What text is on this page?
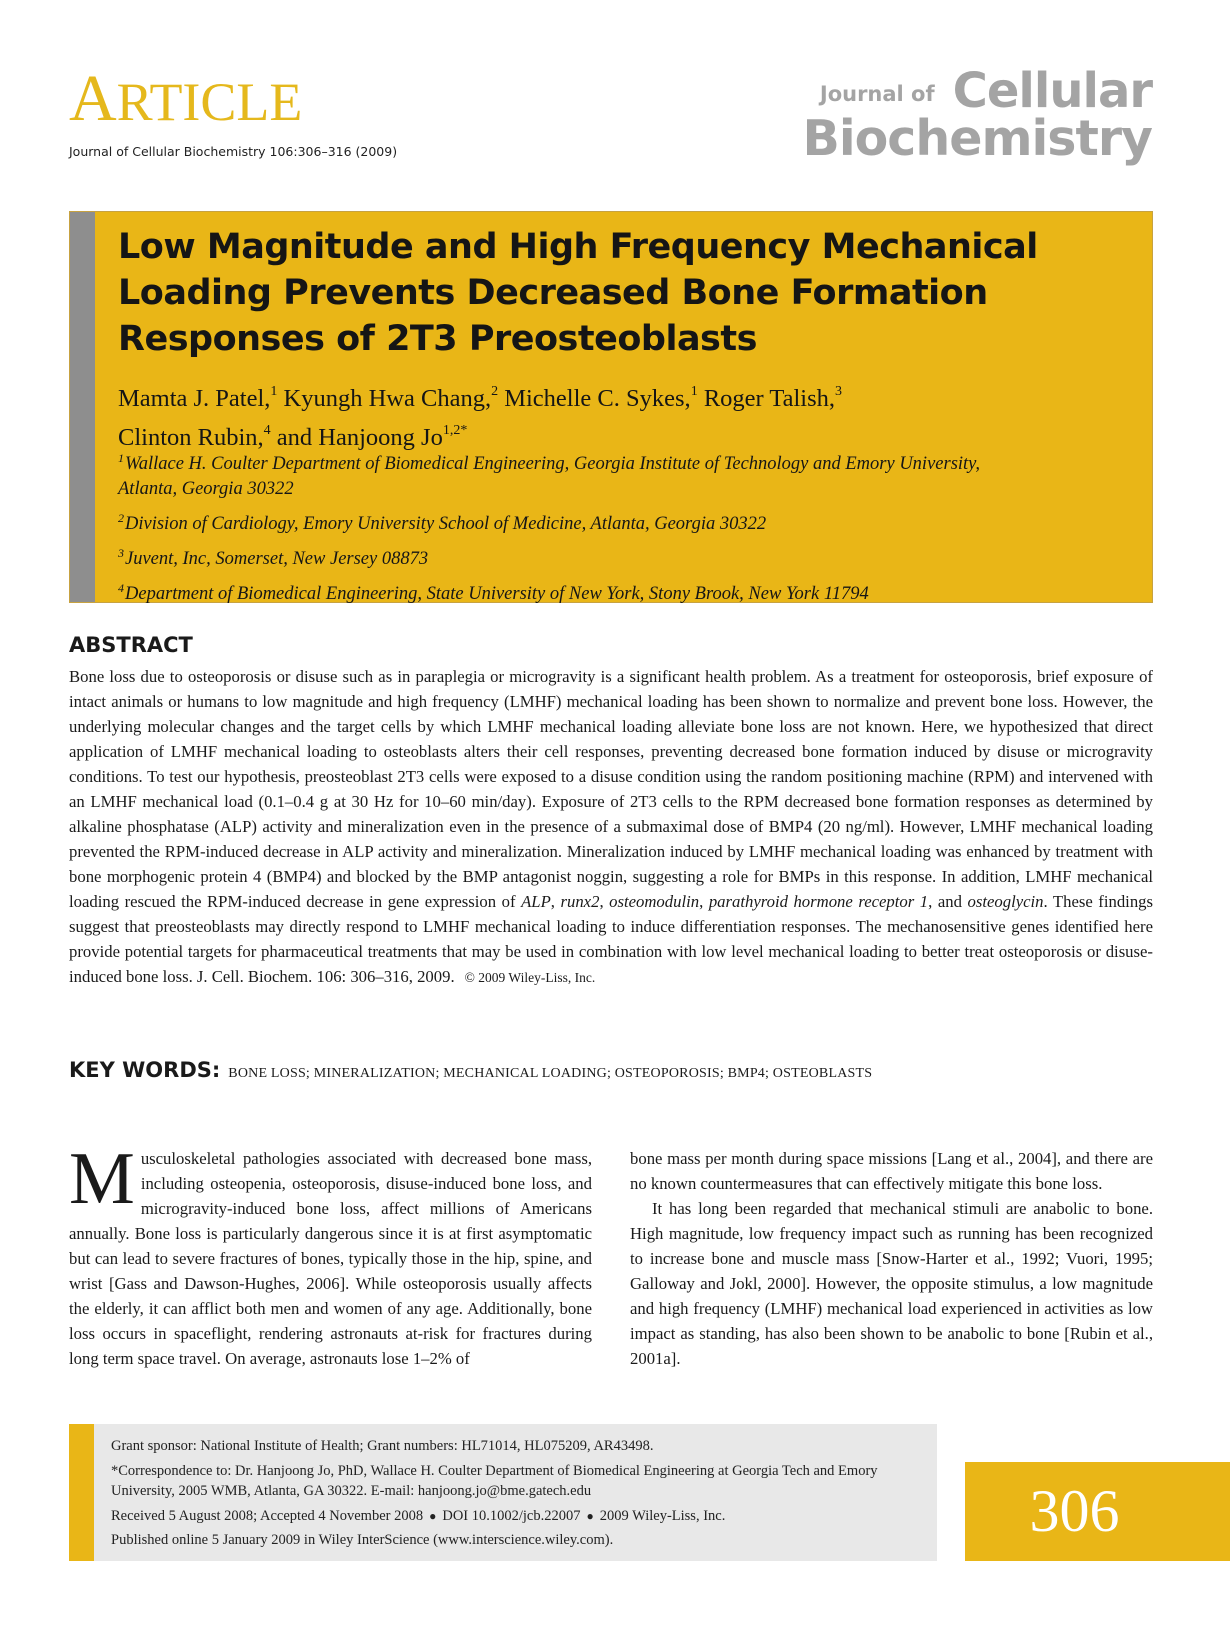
ARTICLE
Journal of Cellular Biochemistry 106:306–316 (2009)
Journal of Cellular
Biochemistry
Low Magnitude and High Frequency Mechanical Loading Prevents Decreased Bone Formation Responses of 2T3 Preosteoblasts
Mamta J. Patel,$^1$ Kyungh Hwa Chang,$^2$ Michelle C. Sykes,$^1$ Roger Talish,$^3$
Clinton Rubin,$^4$ and Hanjoong $Jo^{1,2*}$
$^1$Wallace H. Coulter Department of Biomedical Engineering, Georgia Institute of Technology and Emory University,
Atlanta, Georgia 30322
$^2$Division of Cardiology, Emory University School of Medicine, Atlanta, Georgia 30322
$^3$Juvent, Inc, Somerset, New Jersey 08873
$^4$Department of Biomedical Engineering, State University of New York, Stony Brook, New York 11794
ABSTRACT

Bone loss due to osteoporosis or disuse such as in paraplegia or microgravity is a significant health problem. As a treatment for osteoporosis, brief exposure of intact animals or humans to low magnitude and high frequency (LMHF) mechanical loading has been shown to normalize and prevent bone loss. However, the underlying molecular changes and the target cells by which LMHF mechanical loading alleviate bone loss are not known. Here, we hypothesized that direct application of LMHF mechanical loading to osteoblasts alters their cell responses, preventing decreased bone formation induced by disuse or microgravity conditions. To test our hypothesis, preosteoblast 2T3 cells were exposed to a disuse condition using the random positioning machine (RPM) and intervened with an LMHF mechanical load (0.1–0.4 g at 30 Hz for 10–60 min/day). Exposure of 2T3 cells to the RPM decreased bone formation responses as determined by alkaline phosphatase (ALP) activity and mineralization even in the presence of a submaximal dose of BMP4 (20 ng/ml). However, LMHF mechanical loading prevented the RPM-induced decrease in ALP activity and mineralization. Mineralization induced by LMHF mechanical loading was enhanced by treatment with bone morphogenic protein 4 (BMP4) and blocked by the BMP antagonist noggin, suggesting a role for BMPs in this response. In addition, LMHF mechanical loading rescued the RPM-induced decrease in gene expression of ALP, runx2, osteomodulin, parathyroid hormone receptor 1, and osteoglycin. These findings suggest that preosteoblasts may directly respond to LMHF mechanical loading to induce differentiation responses. The mechanosensitive genes identified here provide potential targets for pharmaceutical treatments that may be used in combination with low level mechanical loading to better treat osteoporosis or disuse-induced bone loss. J. Cell. Biochem. 106: 306–316, 2009. © 2009 Wiley-Liss, Inc.

KEY WORDS: BONE LOSS; MINERALIZATION; MECHANICAL LOADING; OSTEOPOROSIS; BMP4; OSTEOBLASTS

Musculoskeletal pathologies associated with decreased bone mass, including osteopenia, osteoporosis, disuse-induced bone loss, and microgravity-induced bone loss, affect millions of Americans annually. Bone loss is particularly dangerous since it is at first asymptomatic but can lead to severe fractures of bones, typically those in the hip, spine, and wrist [Gass and Dawson-Hughes, 2006]. While osteoporosis usually affects the elderly, it can afflict both men and women of any age. Additionally, bone loss occurs in spaceflight, rendering astronauts at-risk for fractures during long term space travel. On average, astronauts lose 1–2% of

bone mass per month during space missions [Lang et al., 2004], and there are no known countermeasures that can effectively mitigate this bone loss.

It has long been regarded that mechanical stimuli are anabolic to bone. High magnitude, low frequency impact such as running has been recognized to increase bone and muscle mass [Snow-Harter et al., 1992; Vuori, 1995; Galloway and Jokl, 2000]. However, the opposite stimulus, a low magnitude and high frequency (LMHF) mechanical load experienced in activities as low impact as standing, has also been shown to be anabolic to bone [Rubin et al., 2001a].

Grant sponsor: National Institute of Health; Grant numbers: HL71014, HL075209, AR43498.

*Correspondence to: Dr. Hanjoong Jo, PhD, Wallace H. Coulter Department of Biomedical Engineering at Georgia Tech and Emory University, 2005 WMB, Atlanta, GA 30322. E-mail: hanjoong.jo@bme.gatech.edu

Received 5 August 2008; Accepted 4 November 2008 ● DOI 10.1002/jcb.22007 ● 2009 Wiley-Liss, Inc.

Published online 5 January 2009 in Wiley InterScience (www.interscience.wiley.com).	306
